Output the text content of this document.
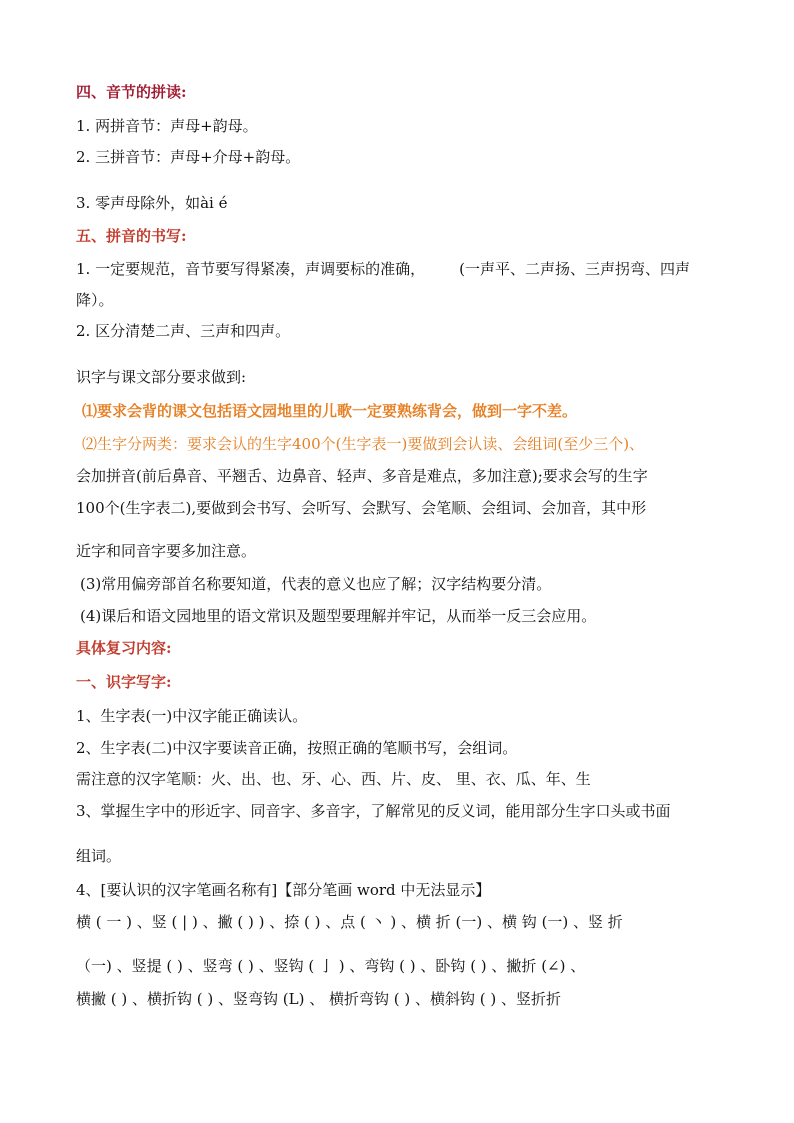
四、音节的拼读:
1. 两拼音节：声母+韵母。
2. 三拼音节：声母+介母+韵母。
3. 零声母除外，如ài é
五、拼音的书写:
1. 一定要规范，音节要写得紧凑，声调要标的准确， (一声平、二声扬、三声拐弯、四声
降）。
2. 区分清楚二声、三声和四声。
识字与课文部分要求做到:
⑴要求会背的课文包括语文园地里的儿歌一定要熟练背会，做到一字不差。
⑵生字分两类：要求会认的生字400个(生字表一)要做到会认读、会组词(至少三个)、
会加拼音(前后鼻音、平翘舌、边鼻音、轻声、多音是难点，多加注意);要求会写的生字
100个(生字表二),要做到会书写、会听写、会默写、会笔顺、会组词、会加音，其中形
近字和同音字要多加注意。
(3)常用偏旁部首名称要知道，代表的意义也应了解；汉字结构要分清。
(4)课后和语文园地里的语文常识及题型要理解并牢记，从而举一反三会应用。
具体复习内容:
一、识字写字:
1、生字表(一)中汉字能正确读认。
2、生字表(二)中汉字要读音正确，按照正确的笔顺书写，会组词。
需注意的汉字笔顺：火、出、也、牙、心、西、片、皮、 里、衣、瓜、年、生
3、掌握生字中的形近字、同音字、多音字，了解常见的反义词，能用部分生字口头或书面
组词。
4、[要认识的汉字笔画名称有]【部分笔画 word 中无法显示】
横 ( 一 ) 、竖 ( | ) 、撇 ( ) ) 、捺 ( ) 、点 ( 丶 ) 、横 折 (一) 、横 钩 (一) 、竖 折
（一) 、竖提 ( ) 、竖弯 ( ) 、竖钩 ( 亅 ) 、弯钩 ( ) 、卧钩 ( ) 、撇折 (∠) 、
横撇 ( ) 、横折钩 ( ) 、竖弯钩 (L) 、 横折弯钩 ( ) 、横斜钩 ( ) 、竖折折
